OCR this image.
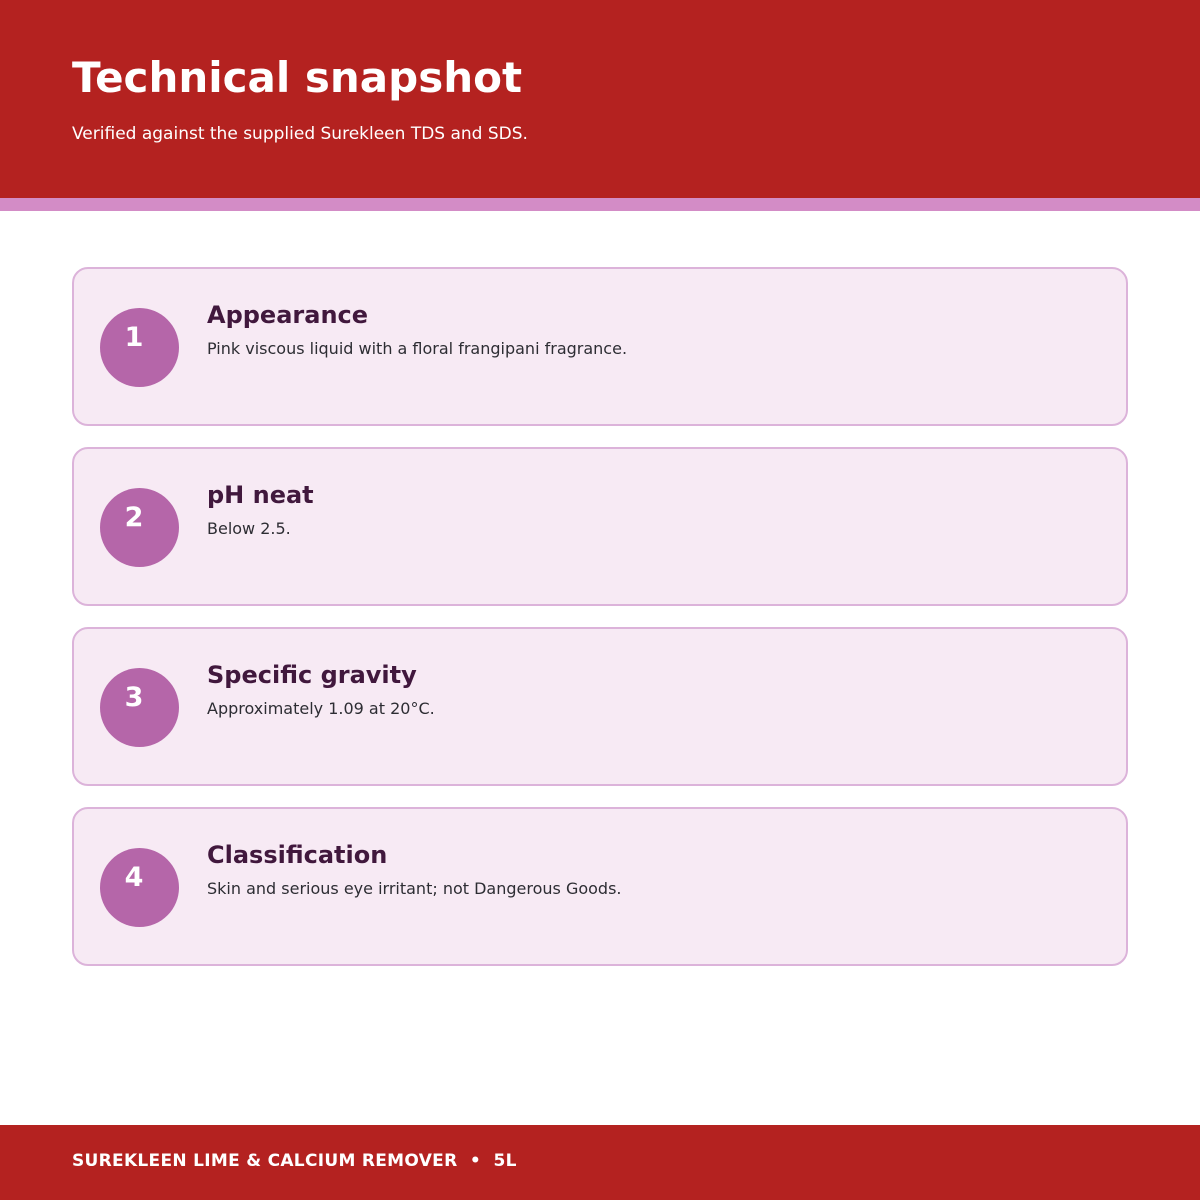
Technical snapshot

Verified against the supplied Surekleen TDS and SDS.

1
Appearance
Pink viscous liquid with a floral frangipani fragrance.
2
pH neat
Below 2.5.
3
Specific gravity
Approximately 1.09 at 20°C.
4
Classification
Skin and serious eye irritant; not Dangerous Goods.
SUREKLEEN LIME & CALCIUM REMOVER  •  5L
